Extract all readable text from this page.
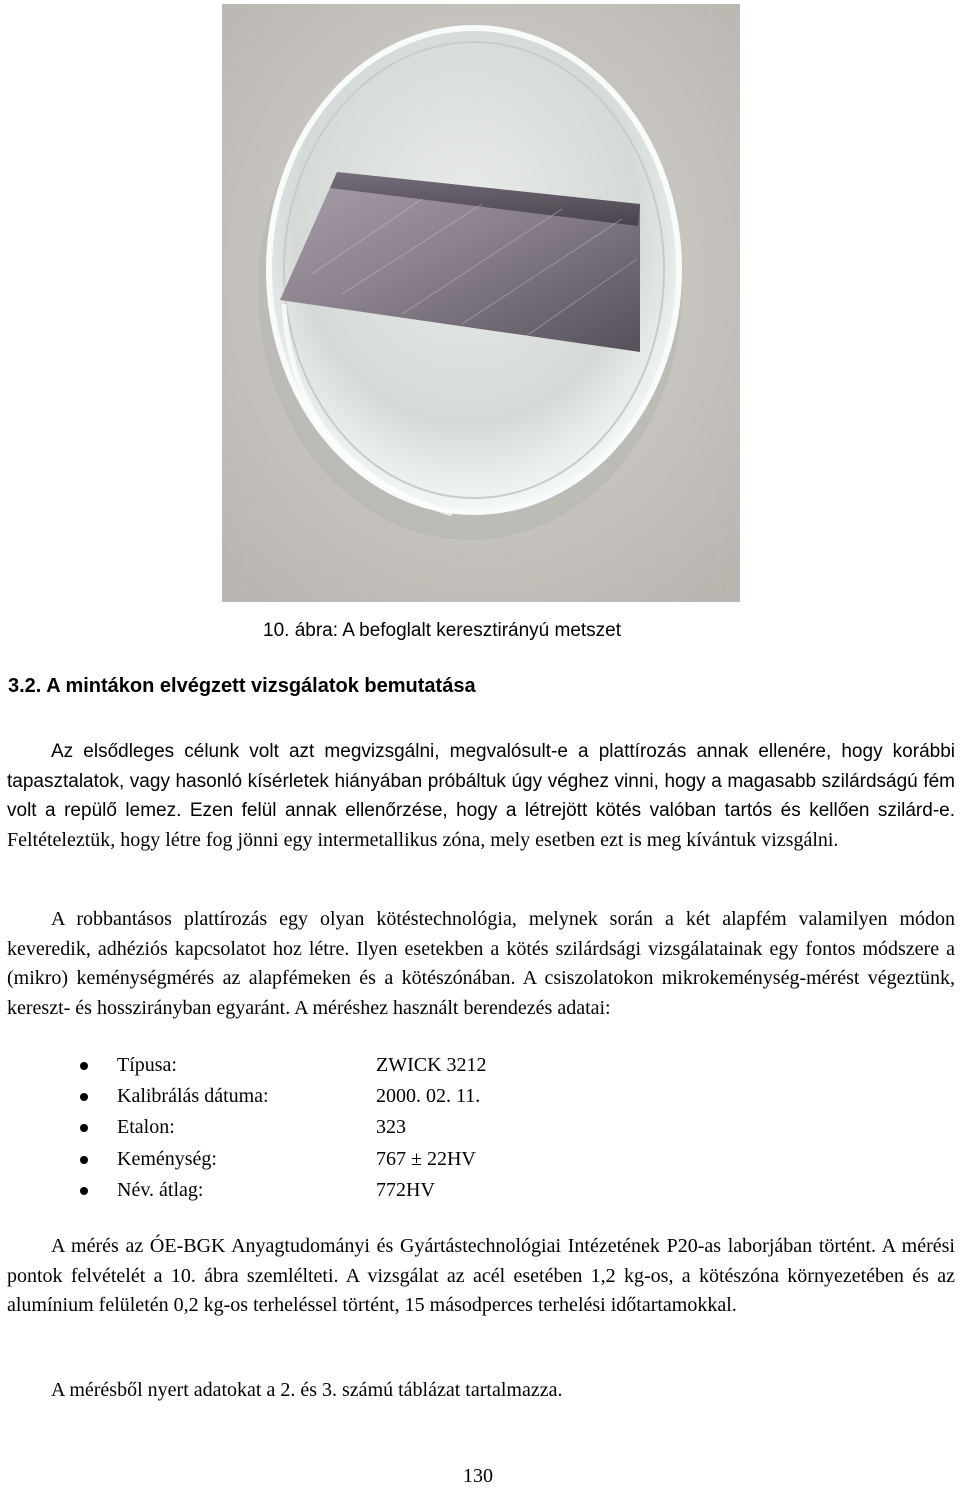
10. ábra: A befoglalt keresztirányú metszet
3.2. A mintákon elvégzett vizsgálatok bemutatása
Az elsődleges célunk volt azt megvizsgálni, megvalósult-e a plattírozás annak ellenére, hogy korábbi tapasztalatok, vagy hasonló kísérletek hiányában próbáltuk úgy véghez vinni, hogy a magasabb szilárdságú fém volt a repülő lemez. Ezen felül annak ellenőrzése, hogy a létrejött kötés valóban tartós és kellően szilárd-e. Feltételeztük, hogy létre fog jönni egy intermetallikus zóna, mely esetben ezt is meg kívántuk vizsgálni.
A robbantásos plattírozás egy olyan kötéstechnológia, melynek során a két alapfém valamilyen módon keveredik, adhéziós kapcsolatot hoz létre. Ilyen esetekben a kötés szilárdsági vizsgálatainak egy fontos módszere a (mikro) keménységmérés az alapfémeken és a kötészónában. A csiszolatokon mikrokeménység-mérést végeztünk, kereszt- és hosszirányban egyaránt. A méréshez használt berendezés adatai:
Típusa:	ZWICK 3212
Kalibrálás dátuma:	2000. 02. 11.
Etalon:	323
Keménység:	767 ± 22HV
Név. átlag:	772HV
A mérés az ÓE-BGK Anyagtudományi és Gyártástechnológiai Intézetének P20-as laborjában történt. A mérési pontok felvételét a 10. ábra szemlélteti. A vizsgálat az acél esetében 1,2 kg-os, a kötészóna környezetében és az alumínium felületén 0,2 kg-os terheléssel történt, 15 másodperces terhelési időtartamokkal.
A mérésből nyert adatokat a 2. és 3. számú táblázat tartalmazza.
130
